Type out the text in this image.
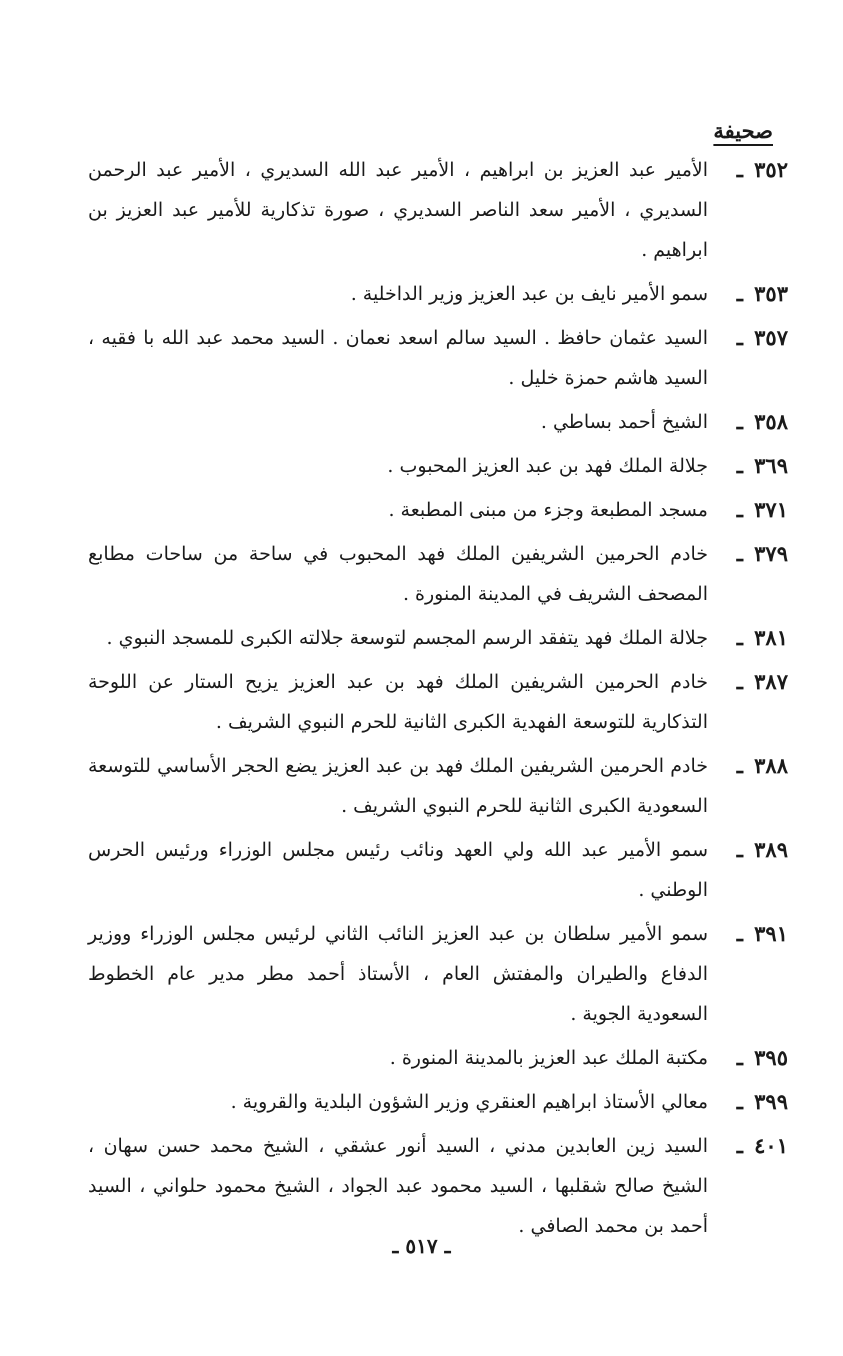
صحيفة
٣٥٢ ـ
الأمير عبد العزيز بن ابراهيم ، الأمير عبد الله السديري ، الأمير عبد الرحمن السديري ، الأمير سعد الناصر السديري ، صورة تذكارية للأمير عبد العزيز بن ابراهيم .
٣٥٣ ـ
سمو الأمير نايف بن عبد العزيز وزير الداخلية .
٣٥٧ ـ
السيد عثمان حافظ . السيد سالم اسعد نعمان . السيد محمد عبد الله با فقيه ، السيد هاشم حمزة خليل .
٣٥٨ ـ
الشيخ أحمد بساطي .
٣٦٩ ـ
جلالة الملك فهد بن عبد العزيز المحبوب .
٣٧١ ـ
مسجد المطبعة وجزء من مبنى المطبعة .
٣٧٩ ـ
خادم الحرمين الشريفين الملك فهد المحبوب في ساحة من ساحات مطابع المصحف الشريف في المدينة المنورة .
٣٨١ ـ
جلالة الملك فهد يتفقد الرسم المجسم لتوسعة جلالته الكبرى للمسجد النبوي .
٣٨٧ ـ
خادم الحرمين الشريفين الملك فهد بن عبد العزيز يزيح الستار عن اللوحة التذكارية للتوسعة الفهدية الكبرى الثانية للحرم النبوي الشريف .
٣٨٨ ـ
خادم الحرمين الشريفين الملك فهد بن عبد العزيز يضع الحجر الأساسي للتوسعة السعودية الكبرى الثانية للحرم النبوي الشريف .
٣٨٩ ـ
سمو الأمير عبد الله ولي العهد ونائب رئيس مجلس الوزراء ورئيس الحرس الوطني .
٣٩١ ـ
سمو الأمير سلطان بن عبد العزيز النائب الثاني لرئيس مجلس الوزراء ووزير الدفاع والطيران والمفتش العام ، الأستاذ أحمد مطر مدير عام الخطوط السعودية الجوية .
٣٩٥ ـ
مكتبة الملك عبد العزيز بالمدينة المنورة .
٣٩٩ ـ
معالي الأستاذ ابراهيم العنقري وزير الشؤون البلدية والقروية .
٤٠١ ـ
السيد زين العابدين مدني ، السيد أنور عشقي ، الشيخ محمد حسن سهان ، الشيخ صالح شقلبها ، السيد محمود عبد الجواد ، الشيخ محمود حلواني ، السيد أحمد بن محمد الصافي .
ـ ٥١٧ ـ
